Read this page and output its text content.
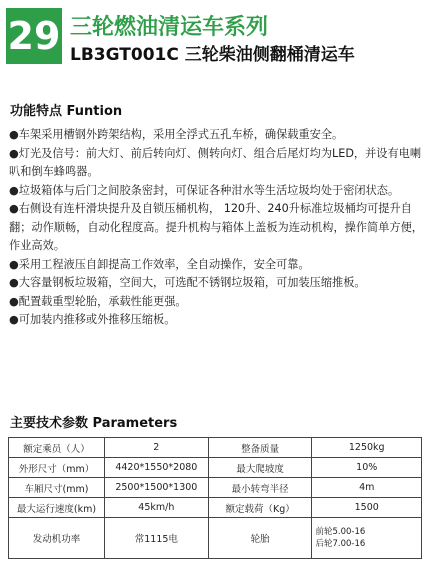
29 三轮燃油清运车系列
LB3GT001C 三轮柴油侧翻桶清运车
功能特点 Funtion

●车架采用槽钢外跨架结构，采用全浮式五孔车桥，确保载重安全。

●灯光及信号：前大灯、前后转向灯、侧转向灯、组合后尾灯均为LED，并设有电喇叭和倒车蜂鸣器。

●垃圾箱体与后门之间胶条密封，可保证各种泔水等生活垃圾均处于密闭状态。

●右侧设有连杆滑块提升及自锁压桶机构， 120升、240升标准垃圾桶均可提升自翻；动作顺畅，自动化程度高。提升机构与箱体上盖板为连动机构，操作简单方便，作业高效。

●采用工程液压自卸提高工作效率，全自动操作，安全可靠。

●大容量钢板垃圾箱，空间大，可选配不锈钢垃圾箱，可加装压缩推板。

●配置载重型轮胎，承载性能更强。

●可加装内推移或外推移压缩板。

主要技术参数 Parameters
额定乘员（人）	2	整备质量	1250kg
外形尺寸（mm）	4420*1550*2080	最大爬坡度	10%
车厢尺寸(mm)	2500*1500*1300	最小转弯半径	4m
最大运行速度(km)	45km/h	额定载荷（Kg）	1500
发动机功率	常1115电	轮胎	前轮5.00-16
后轮7.00-16
